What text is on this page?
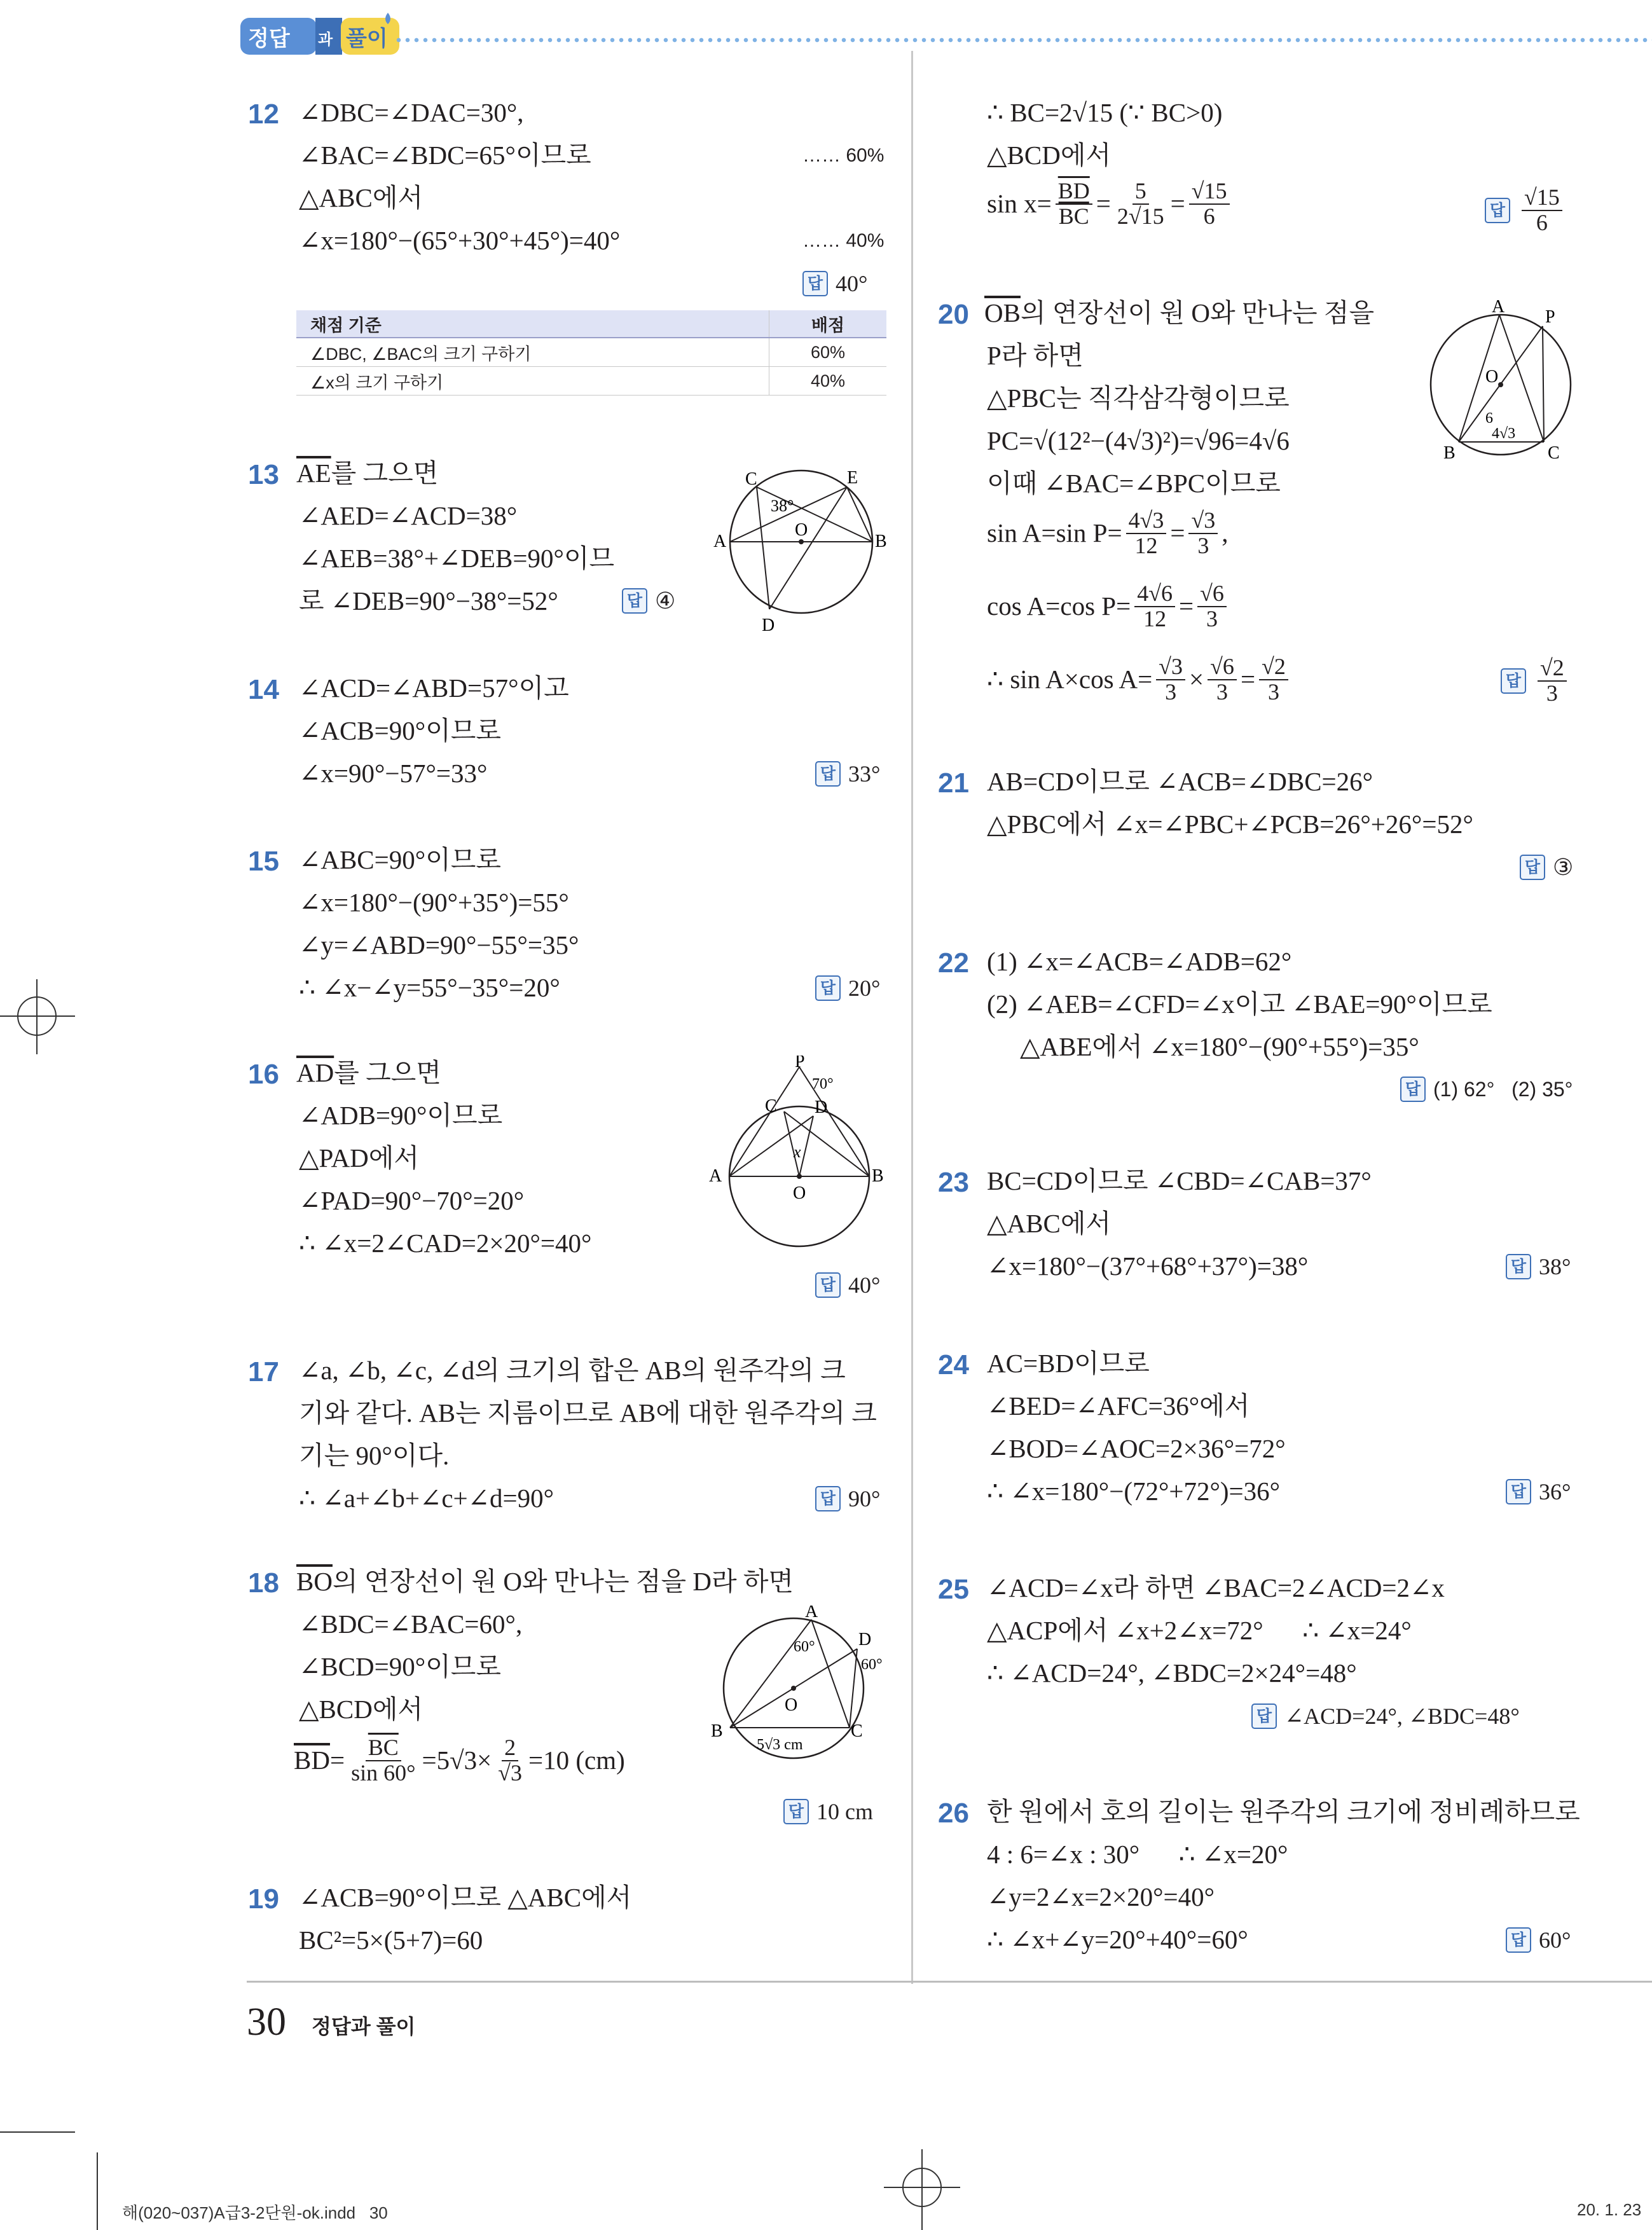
정답 과 풀이
12 ∠DBC=∠DAC=30°,
∠BAC=∠BDC=65°이므로	…… 60%
△ABC에서
∠x=180°−(65°+30°+45°)=40°	…… 40%
답 40°
채점 기준	배점
∠DBC, ∠BAC의 크기 구하기	60%
∠x의 크기 구하기	40%
13 $\overline{AE}$를 그으면
∠AED=∠ACD=38°
∠AEB=38°+∠DEB=90°이므
로 ∠DEB=90°−38°=52°	답 ④
C	E
A	B
D
O
38°
14 ∠ACD=∠ABD=57°이고
∠ACB=90°이므로
∠x=90°−57°=33°	답 33°
15 ∠ABC=90°이므로
∠x=180°−(90°+35°)=55°
∠y=∠ABD=90°−55°=35°
∴ ∠x−∠y=55°−35°=20°	답 20°
16 $\overline{AD}$를 그으면
∠ADB=90°이므로
△PAD에서
∠PAD=90°−70°=20°
∴ ∠x=2∠CAD=2×20°=40°
답 40°
P
70°
C D
A	B
O
x
17 ∠a, ∠b, ∠c, ∠d의 크기의 합은 AB의 원주각의 크
기와 같다. AB는 지름이므로 AB에 대한 원주각의 크
기는 90°이다.
∴ ∠a+∠b+∠c+∠d=90°	답 90°
18 $\overline{BO}$의 연장선이 원 O와 만나는 점을 D라 하면
∠BDC=∠BAC=60°,
∠BCD=90°이므로
△BCD에서
$\overline{BD} = \frac{\overline{BC}}{\sin 60^\circ} =5√3\times \frac{2}{√3} =10$ (cm)
답 10 cm
A
D
B	C
O
60°
60°
5√3 cm
19 ∠ACB=90°이므로 △ABC에서
BC²=5×(5+7)=60
∴ BC=2√15 (∵ BC>0)
△BCD에서
$\sin x= \frac{\overline{BD}}{BC} = \frac{5}{2√15} = \frac{√15}{6}$	답 $\frac{√15}{6}$
20 $\overline{OB}$의 연장선이 원 O와 만나는 점을
P라 하면
△PBC는 직각삼각형이므로
PC=√(12²−(4√3)²)=√96=4√6
이때 ∠BAC=∠BPC이므로
sin A=sin $P= \frac{4√3}{12} = \frac{√3}{3}$ ,
cos A=cos $P= \frac{4√6}{12} = \frac{√6}{3}$
∴ sin A×cos $A= \frac{√3}{3} \times \frac{√6}{3} = \frac{√2}{3}$	답 $\frac{√2}{3}$
A
P
O
B	C
6
4√3
21 AB=CD이므로 ∠ACB=∠DBC=26°
△PBC에서 ∠x=∠PBC+∠PCB=26°+26°=52°
답 ③
22 (1) ∠x=∠ACB=∠ADB=62°
(2) ∠AEB=∠CFD=∠x이고 ∠BAE=90°이므로
△ABE에서 ∠x=180°−(90°+55°)=35°
답 (1) 62°   (2) 35°
23 BC=CD이므로 ∠CBD=∠CAB=37°
△ABC에서
∠x=180°−(37°+68°+37°)=38°	답 38°
24 AC=BD이므로
∠BED=∠AFC=36°에서
∠BOD=∠AOC=2×36°=72°
∴ ∠x=180°−(72°+72°)=36°	답 36°
25 ∠ACD=∠x라 하면 ∠BAC=2∠ACD=2∠x
△ACP에서 ∠x+2∠x=72°      ∴ ∠x=24°
∴ ∠ACD=24°, ∠BDC=2×24°=48°
답 ∠ACD=24°, ∠BDC=48°
26 한 원에서 호의 길이는 원주각의 크기에 정비례하므로
4 : 6=∠x : 30°      ∴ ∠x=20°
∠y=2∠x=2×20°=40°
∴ ∠x+∠y=20°+40°=60°	답 60°
30 정답과 풀이
해(020~037)A급3-2단원-ok.indd   30	20. 1. 23
